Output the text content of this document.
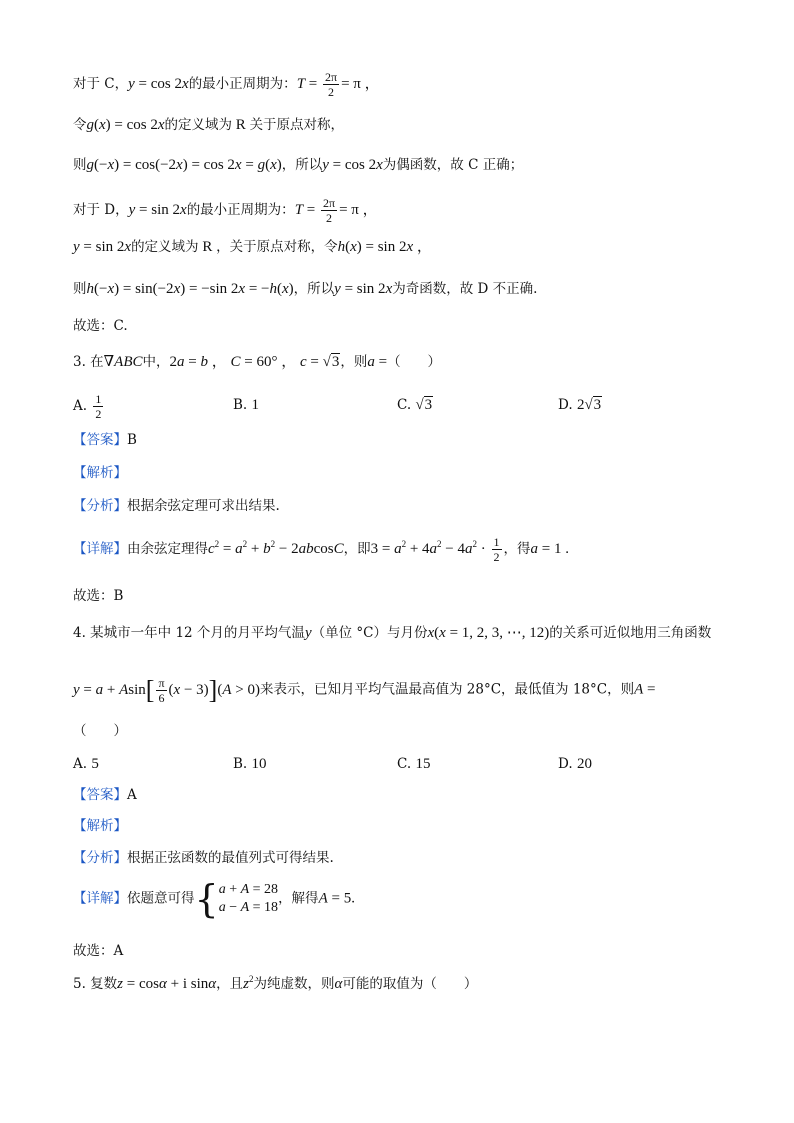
对于 C，y = cos 2x的最小正周期为：$T = \frac{2\pi}{2} = \pi$ ，
令g(x) = cos 2x的定义域为 R 关于原点对称，
则g(−x) = cos(−2x) = cos 2x = g(x)，所以y = cos 2x为偶函数，故 C 正确；
对于 D，y = sin 2x的最小正周期为：$T = \frac{2\pi}{2} = \pi$ ，
y = sin 2x的定义域为 R ，关于原点对称，令h(x) = sin 2x ，
则h(−x) = sin(−2x) = −sin 2x = −h(x)，所以y = sin 2x为奇函数，故 D 不正确.
故选：C.
3. 在∇ABC中，2a = b ， C = 60° ， c = √3，则a =（　　）
A. $\frac{1}{2}$	B. 1	C. √3	D. 2√3
【答案】B
【解析】
【分析】根据余弦定理可求出结果.
【详解】由余弦定理得$c^2 = a^2 + b^2 - 2abcosC$，即$3 = a^2 + 4a^2 - 4a^2 \cdot \frac{1}{2}$ ，得a = 1 .
故选：B
4. 某城市一年中 12 个月的月平均气温y（单位 °C）与月份x(x = 1, 2, 3, ⋯, 12)的关系可近似地用三角函数
$y = a + Asin[ \frac{\pi}{6} (x - 3)](A > 0)$来表示，已知月平均气温最高值为 28°C，最低值为 18°C，则A =
（　　）
A. 5	B. 10	C. 15	D. 20
【答案】A
【解析】
【分析】根据正弦函数的最值列式可得结果.
【详解】依题意可得{ a + A = 28
a − A = 18
，解得A = 5.
故选：A
5. 复数z = cosα + i sinα，且$z^2$为纯虚数，则α可能的取值为（　　）
